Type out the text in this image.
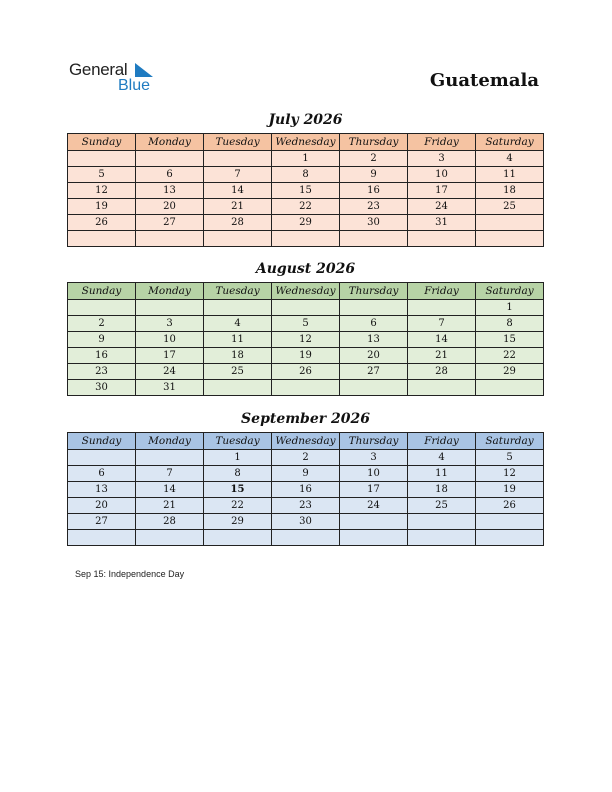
General
Blue	Guatemala
July 2026
Sunday	Monday	Tuesday	Wednesday	Thursday	Friday	Saturday
			1	2	3	4
5	6	7	8	9	10	11
12	13	14	15	16	17	18
19	20	21	22	23	24	25
26	27	28	29	30	31	

August 2026
Sunday	Monday	Tuesday	Wednesday	Thursday	Friday	Saturday
						1
2	3	4	5	6	7	8
9	10	11	12	13	14	15
16	17	18	19	20	21	22
23	24	25	26	27	28	29
30	31					
September 2026
Sunday	Monday	Tuesday	Wednesday	Thursday	Friday	Saturday
		1	2	3	4	5
6	7	8	9	10	11	12
13	14	15	16	17	18	19
20	21	22	23	24	25	26
27	28	29	30			

Sep 15: Independence Day
